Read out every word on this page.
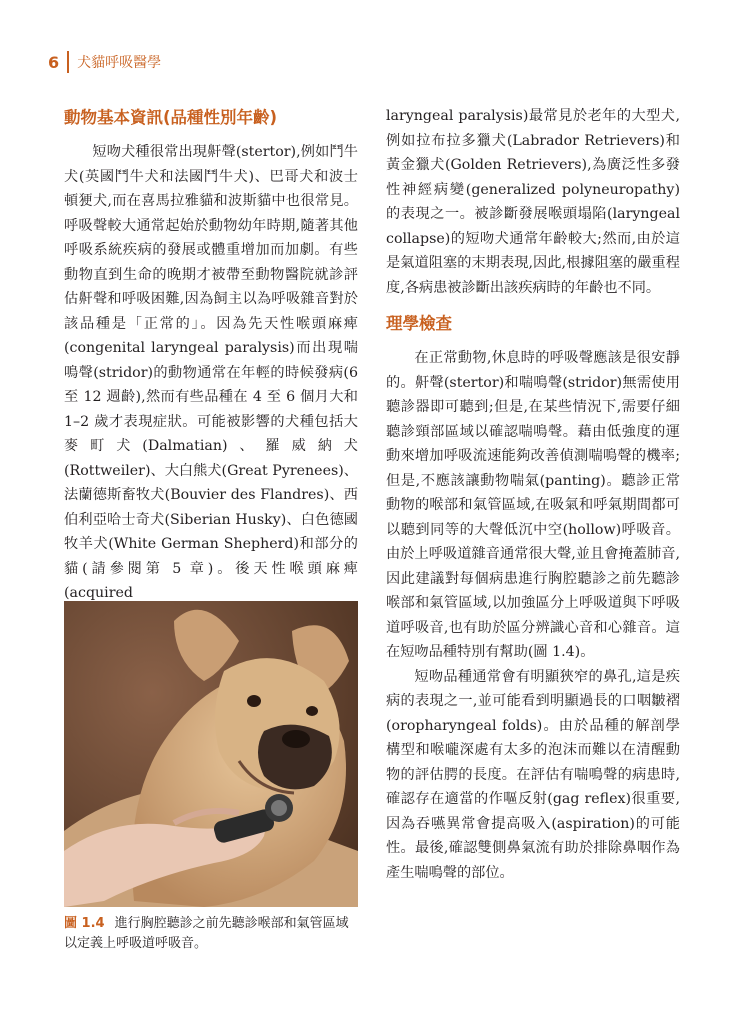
6 犬貓呼吸醫學
動物基本資訊(品種性別年齡)

短吻犬種很常出現鼾聲(stertor),例如鬥牛犬(英國鬥牛犬和法國鬥牛犬)、巴哥犬和波士頓㹴犬,而在喜馬拉雅貓和波斯貓中也很常見。呼吸聲較大通常起始於動物幼年時期,隨著其他呼吸系統疾病的發展或體重增加而加劇。有些動物直到生命的晚期才被帶至動物醫院就診評估鼾聲和呼吸困難,因為飼主以為呼吸雜音對於該品種是「正常的」。因為先天性喉頭麻痺(congenital laryngeal paralysis)而出現喘鳴聲(stridor)的動物通常在年輕的時候發病(6 至 12 週齡),然而有些品種在 4 至 6 個月大和 1–2 歲才表現症狀。可能被影響的犬種包括大麥町犬(Dalmatian)、羅威納犬(Rottweiler)、大白熊犬(Great Pyrenees)、法蘭德斯畜牧犬(Bouvier des Flandres)、西伯利亞哈士奇犬(Siberian Husky)、白色德國牧羊犬(White German Shepherd)和部分的貓(請參閱第 5 章)。後天性喉頭麻痺(acquired

圖 1.4 進行胸腔聽診之前先聽診喉部和氣管區域以定義上呼吸道呼吸音。

laryngeal paralysis)最常見於老年的大型犬,例如拉布拉多獵犬(Labrador Retrievers)和黃金獵犬(Golden Retrievers),為廣泛性多發性神經病變(generalized polyneuropathy)的表現之一。被診斷發展喉頭塌陷(laryngeal collapse)的短吻犬通常年齡較大;然而,由於這是氣道阻塞的末期表現,因此,根據阻塞的嚴重程度,各病患被診斷出該疾病時的年齡也不同。

理學檢查

在正常動物,休息時的呼吸聲應該是很安靜的。鼾聲(stertor)和喘鳴聲(stridor)無需使用聽診器即可聽到;但是,在某些情況下,需要仔細聽診頸部區域以確認喘鳴聲。藉由低強度的運動來增加呼吸流速能夠改善偵測喘鳴聲的機率;但是,不應該讓動物喘氣(panting)。聽診正常動物的喉部和氣管區域,在吸氣和呼氣期間都可以聽到同等的大聲低沉中空(hollow)呼吸音。由於上呼吸道雜音通常很大聲,並且會掩蓋肺音,因此建議對每個病患進行胸腔聽診之前先聽診喉部和氣管區域,以加強區分上呼吸道與下呼吸道呼吸音,也有助於區分辨識心音和心雜音。這在短吻品種特別有幫助(圖 1.4)。

短吻品種通常會有明顯狹窄的鼻孔,這是疾病的表現之一,並可能看到明顯過長的口咽皺褶(oropharyngeal folds)。由於品種的解剖學構型和喉嚨深處有太多的泡沫而難以在清醒動物的評估腭的長度。在評估有喘鳴聲的病患時,確認存在適當的作嘔反射(gag reflex)很重要,因為吞嚥異常會提高吸入(aspiration)的可能性。最後,確認雙側鼻氣流有助於排除鼻咽作為產生喘鳴聲的部位。
